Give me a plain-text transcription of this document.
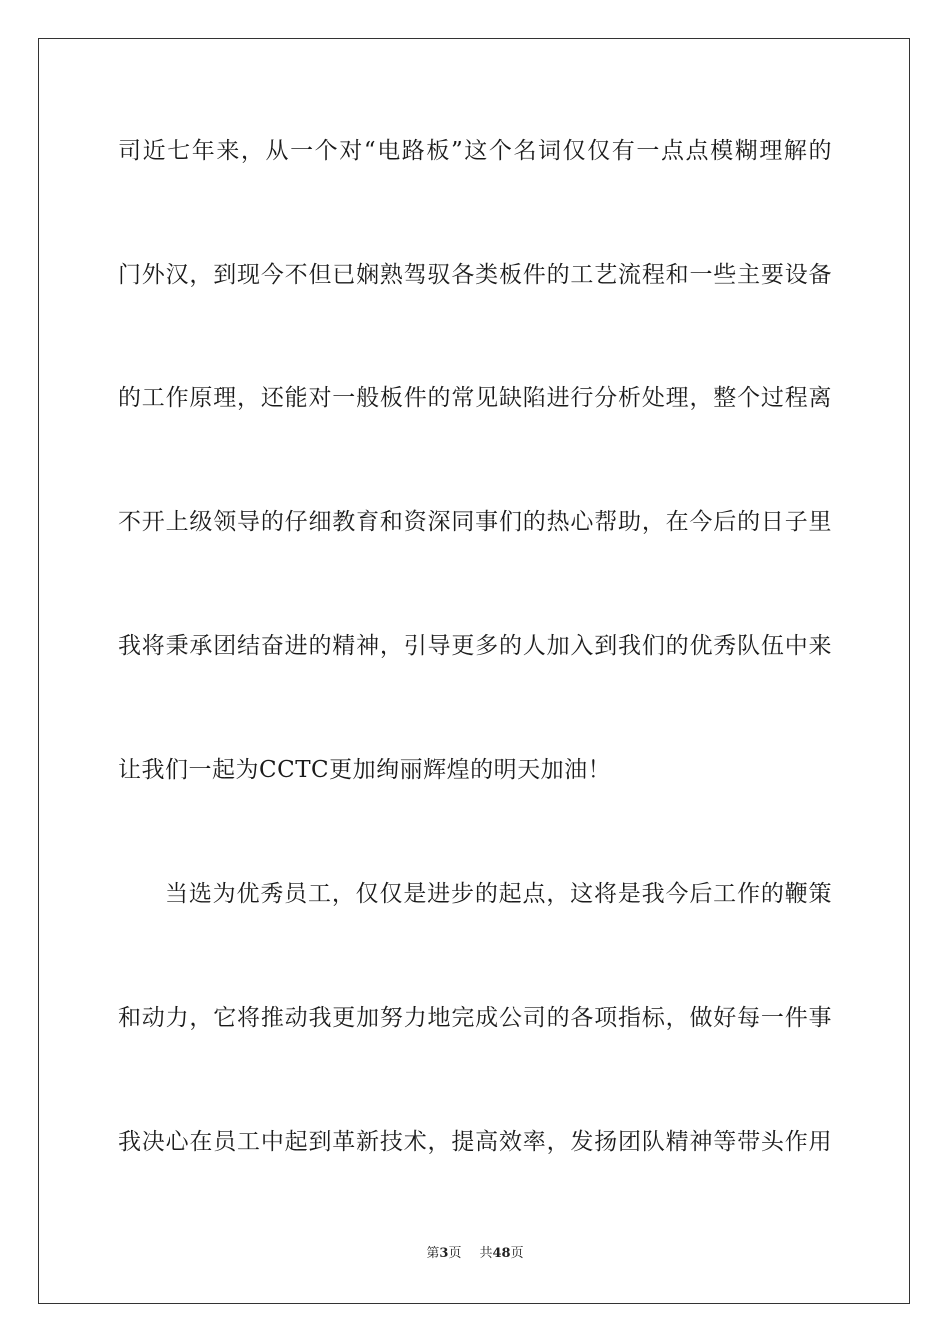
司近七年来，从一个对“电路板”这个名词仅仅有一点点模糊理解的
门外汉，到现今不但已娴熟驾驭各类板件的工艺流程和一些主要设备
的工作原理，还能对一般板件的常见缺陷进行分析处理，整个过程离
不开上级领导的仔细教育和资深同事们的热心帮助，在今后的日子里
我将秉承团结奋进的精神，引导更多的人加入到我们的优秀队伍中来
让我们一起为CCTC更加绚丽辉煌的明天加油！
当选为优秀员工，仅仅是进步的起点，这将是我今后工作的鞭策
和动力，它将推动我更加努力地完成公司的各项指标，做好每一件事
我决心在员工中起到革新技术，提高效率，发扬团队精神等带头作用
第3页 共48页
